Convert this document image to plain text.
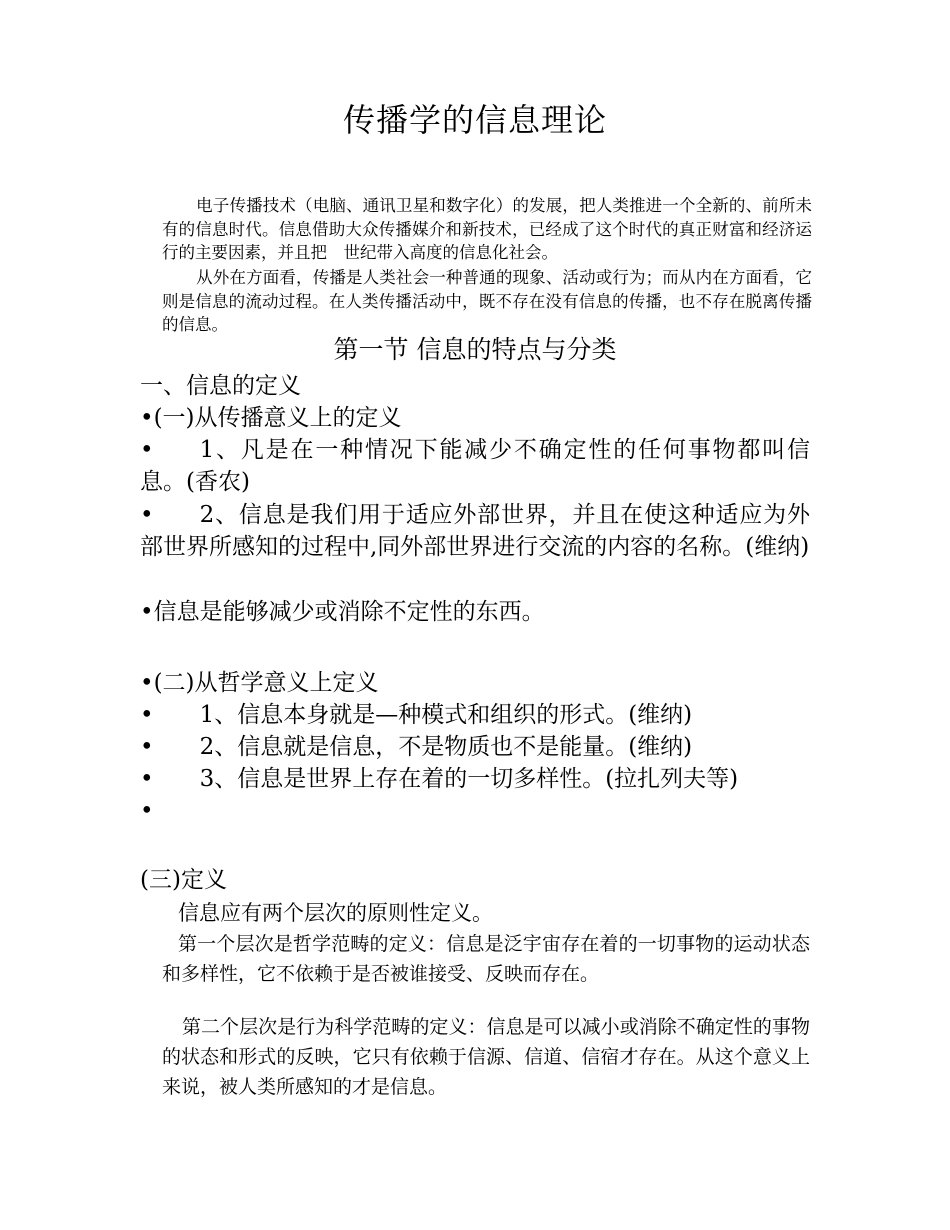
传播学的信息理论
电子传播技术（电脑、通讯卫星和数字化）的发展，把人类推进一个全新的、前所未有的信息时代。信息借助大众传播媒介和新技术，已经成了这个时代的真正财富和经济运行的主要因素，并且把　世纪带入高度的信息化社会。
从外在方面看，传播是人类社会一种普通的现象、活动或行为；而从内在方面看，它则是信息的流动过程。在人类传播活动中，既不存在没有信息的传播，也不存在脱离传播的信息。
第一节 信息的特点与分类
一、信息的定义
•(一)从传播意义上的定义
• 1、凡是在一种情况下能减少不确定性的任何事物都叫信息。(香农)
• 2、信息是我们用于适应外部世界，并且在使这种适应为外部世界所感知的过程中,同外部世界进行交流的内容的名称。(维纳)
•信息是能够减少或消除不定性的东西。
•(二)从哲学意义上定义
• 1、信息本身就是—种模式和组织的形式。(维纳)
• 2、信息就是信息，不是物质也不是能量。(维纳)
• 3、信息是世界上存在着的一切多样性。(拉扎列夫等)
•
(三)定义
信息应有两个层次的原则性定义。
第一个层次是哲学范畴的定义：信息是泛宇宙存在着的一切事物的运动状态和多样性，它不依赖于是否被谁接受、反映而存在。
第二个层次是行为科学范畴的定义：信息是可以减小或消除不确定性的事物的状态和形式的反映，它只有依赖于信源、信道、信宿才存在。从这个意义上来说，被人类所感知的才是信息。
